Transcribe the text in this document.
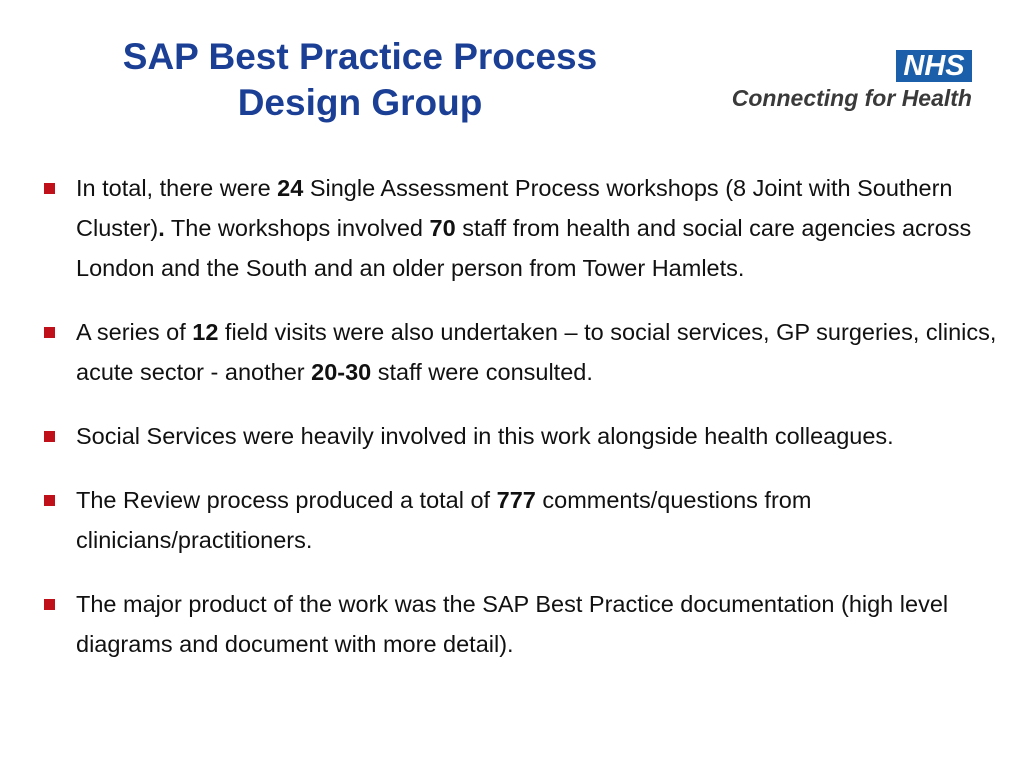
SAP Best Practice Process
Design Group
NHS
Connecting for Health
In total, there were 24 Single Assessment Process workshops (8 Joint with Southern Cluster). The workshops involved 70 staff from health and social care agencies across London and the South and an older person from Tower Hamlets.
A series of 12 field visits were also undertaken – to social services, GP surgeries, clinics, acute sector - another 20-30 staff were consulted.
Social Services were heavily involved in this work alongside health colleagues.
The Review process produced a total of 777 comments/questions from clinicians/practitioners.
The major product of the work was the SAP Best Practice documentation (high level diagrams and document with more detail).
